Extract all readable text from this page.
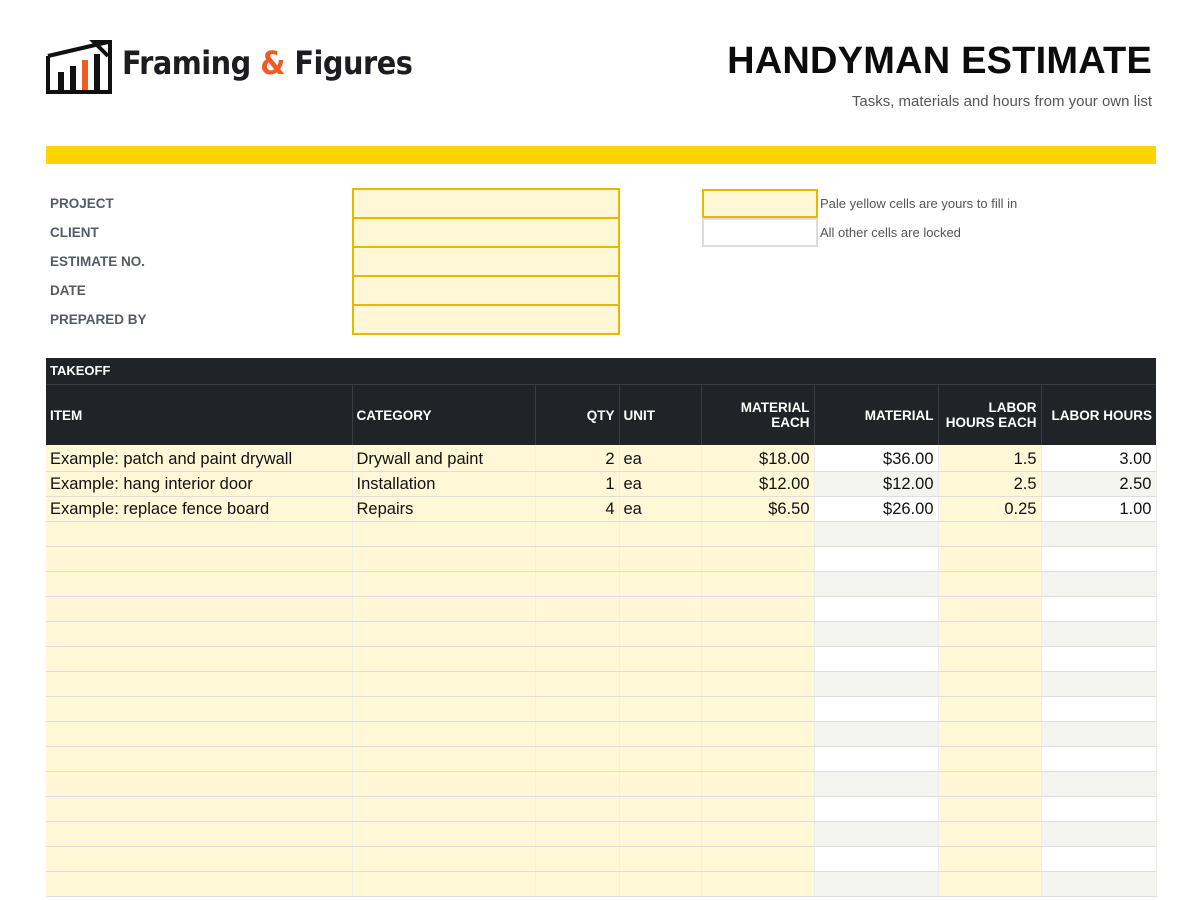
Framing & Figures	HANDYMAN ESTIMATE
Tasks, materials and hours from your own list
PROJECT
CLIENT
ESTIMATE NO.
DATE
PREPARED BY
Pale yellow cells are yours to fill in
All other cells are locked
TAKEOFF
ITEM	CATEGORY	QTY	UNIT	MATERIAL EACH	MATERIAL	LABOR HOURS EACH	LABOR HOURS
Example: patch and paint drywall	Drywall and paint	2	ea	$18.00	$36.00	1.5	3.00
Example: hang interior door	Installation	1	ea	$12.00	$12.00	2.5	2.50
Example: replace fence board	Repairs	4	ea	$6.50	$26.00	0.25	1.00
